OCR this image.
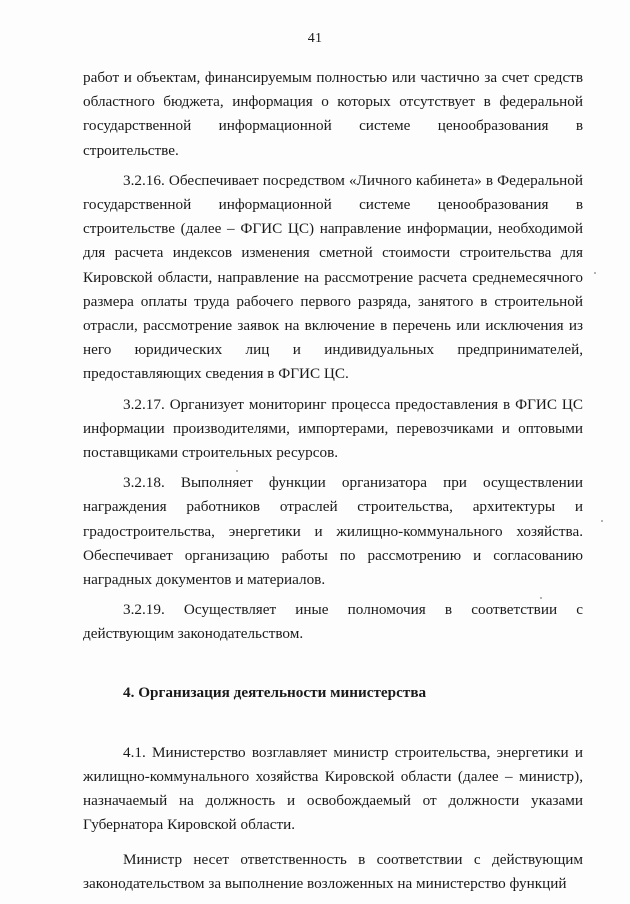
41

работ и объектам, финансируемым полностью или частично за счет средств областного бюджета, информация о которых отсутствует в федеральной государственной информационной системе ценообразования в строительстве.

3.2.16. Обеспечивает посредством «Личного кабинета» в Федеральной государственной информационной системе ценообразования в строительстве (далее – ФГИС ЦС) направление информации, необходимой для расчета индексов изменения сметной стоимости строительства для Кировской области, направление на рассмотрение расчета среднемесячного размера оплаты труда рабочего первого разряда, занятого в строительной отрасли, рассмотрение заявок на включение в перечень или исключения из него юридических лиц и индивидуальных предпринимателей, предоставляющих сведения в ФГИС ЦС.

3.2.17. Организует мониторинг процесса предоставления в ФГИС ЦС информации производителями, импортерами, перевозчиками и оптовыми поставщиками строительных ресурсов.

3.2.18. Выполняет функции организатора при осуществлении
награждения работников отраслей строительства, архитектуры и

градостроительства, энергетики и жилищно-коммунального хозяйства. Обеспечивает организацию работы по рассмотрению и согласованию наградных документов и материалов.

3.2.19. Осуществляет иные полномочия в соответствии с действующим законодательством.

4. Организация деятельности министерства

4.1. Министерство возглавляет министр строительства, энергетики и жилищно-коммунального хозяйства Кировской области (далее – министр), назначаемый на должность и освобождаемый от должности указами Губернатора Кировской области.

Министр несет ответственность в соответствии с действующим законодательством за выполнение возложенных на министерство функций
